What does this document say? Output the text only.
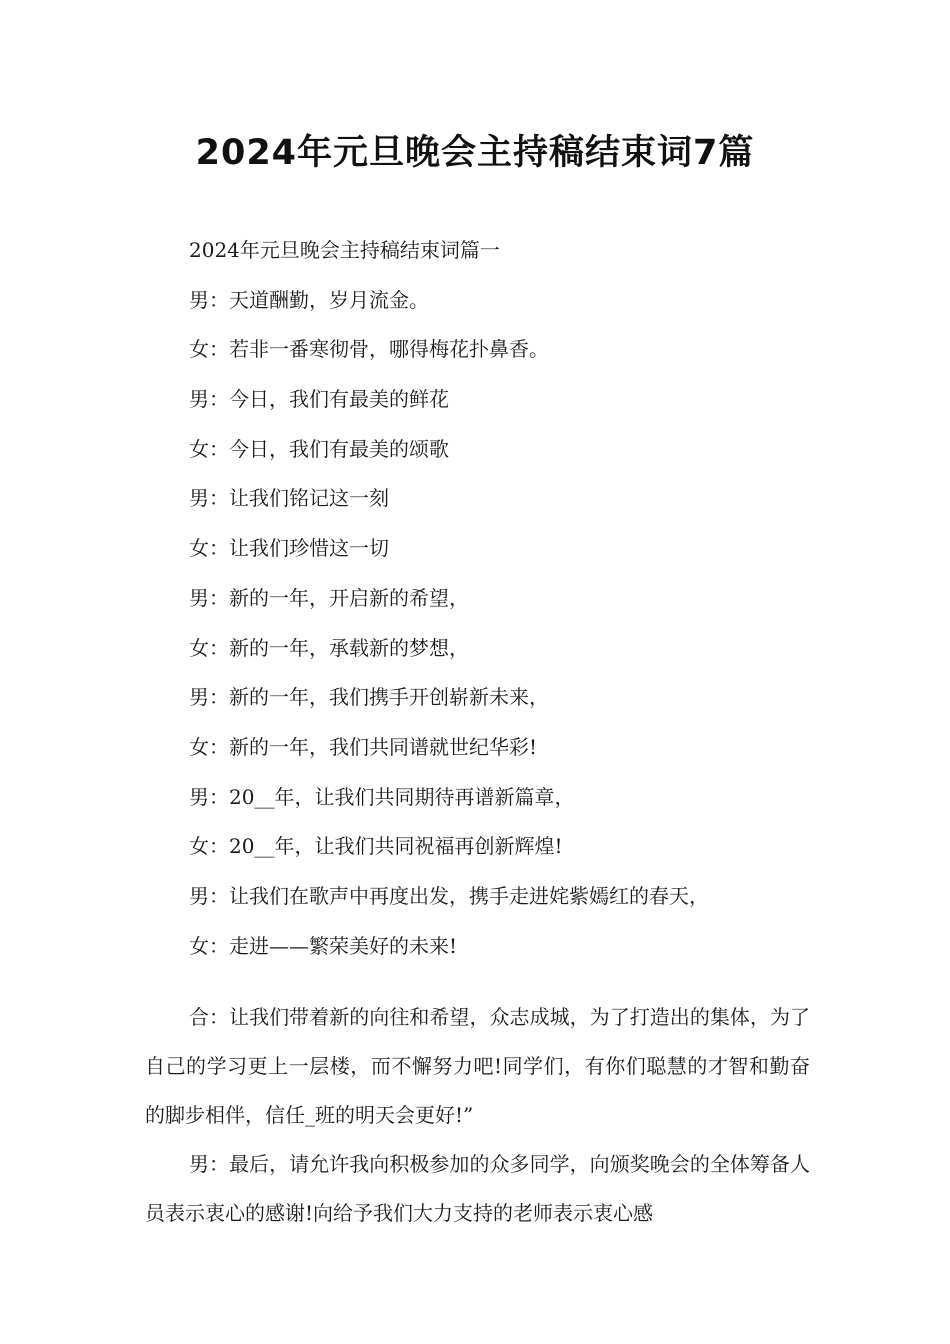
2024年元旦晚会主持稿结束词7篇
2024年元旦晚会主持稿结束词篇一
男：天道酬勤，岁月流金。
女：若非一番寒彻骨，哪得梅花扑鼻香。
男：今日，我们有最美的鲜花
女：今日，我们有最美的颂歌
男：让我们铭记这一刻
女：让我们珍惜这一切
男：新的一年，开启新的希望，
女：新的一年，承载新的梦想，
男：新的一年，我们携手开创崭新未来，
女：新的一年，我们共同谱就世纪华彩!
男：20__年，让我们共同期待再谱新篇章，
女：20__年，让我们共同祝福再创新辉煌!
男：让我们在歌声中再度出发，携手走进姹紫嫣红的春天，
女：走进——繁荣美好的未来!

合：让我们带着新的向往和希望，众志成城，为了打造出的集体，为了自己的学习更上一层楼，而不懈努力吧!同学们，有你们聪慧的才智和勤奋的脚步相伴，信任_班的明天会更好!”

男：最后，请允许我向积极参加的众多同学，向颁奖晚会的全体筹备人员表示衷心的感谢!向给予我们大力支持的老师表示衷心感
